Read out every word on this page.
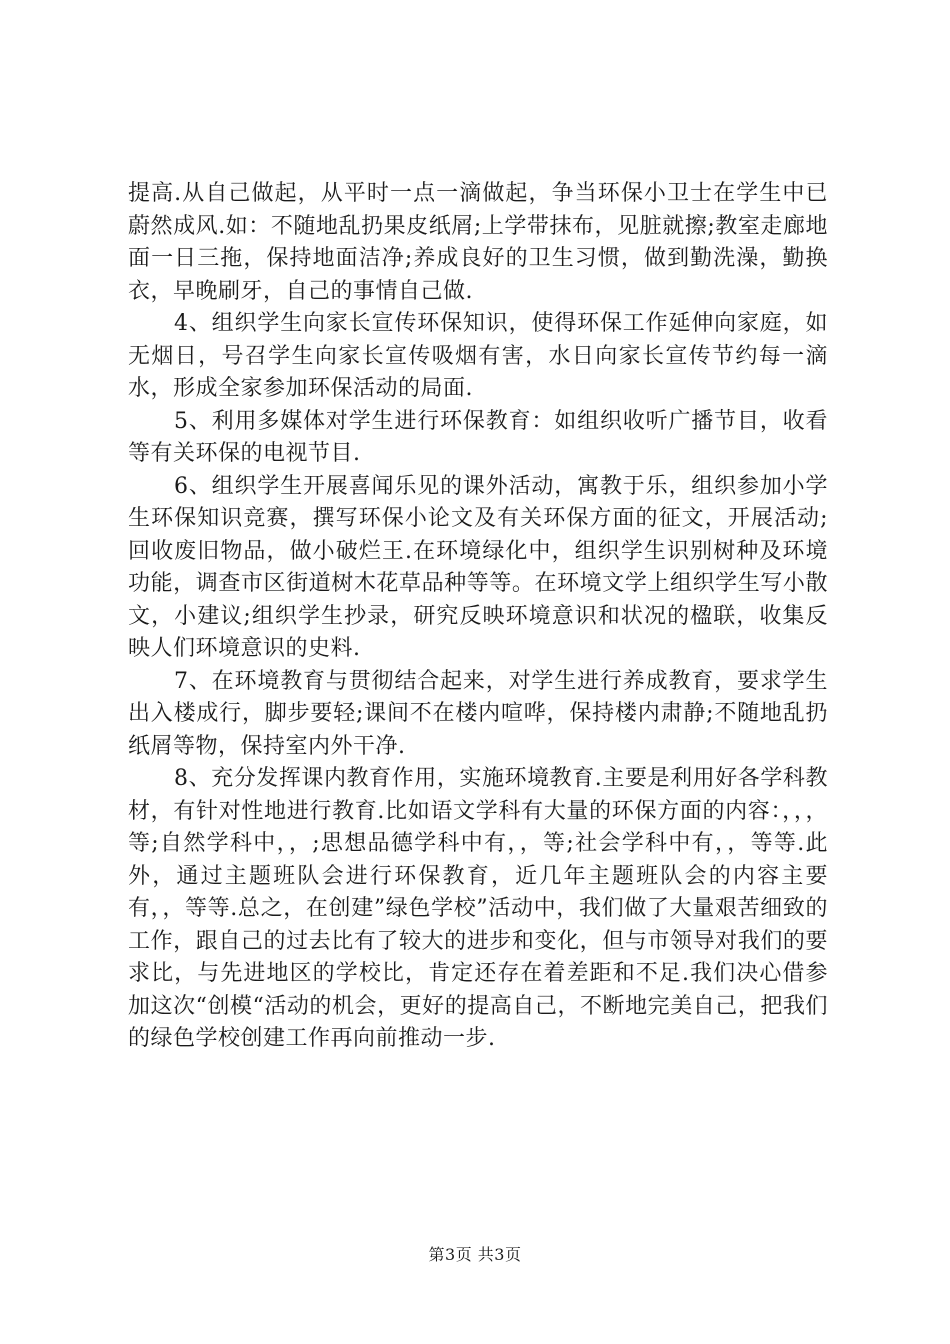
提高.从自己做起，从平时一点一滴做起，争当环保小卫士在学生中已蔚然成风.如：不随地乱扔果皮纸屑;上学带抹布，见脏就擦;教室走廊地面一日三拖，保持地面洁净;养成良好的卫生习惯，做到勤洗澡，勤换衣，早晚刷牙，自己的事情自己做.

4、组织学生向家长宣传环保知识，使得环保工作延伸向家庭，如无烟日，号召学生向家长宣传吸烟有害，水日向家长宣传节约每一滴水，形成全家参加环保活动的局面.

5、利用多媒体对学生进行环保教育：如组织收听广播节目，收看等有关环保的电视节目.

6、组织学生开展喜闻乐见的课外活动，寓教于乐，组织参加小学生环保知识竞赛，撰写环保小论文及有关环保方面的征文，开展活动;回收废旧物品，做小破烂王.在环境绿化中，组织学生识别树种及环境功能，调查市区街道树木花草品种等等。在环境文学上组织学生写小散文，小建议;组织学生抄录，研究反映环境意识和状况的楹联，收集反映人们环境意识的史料.

7、在环境教育与贯彻结合起来，对学生进行养成教育，要求学生出入楼成行，脚步要轻;课间不在楼内喧哗，保持楼内肃静;不随地乱扔纸屑等物，保持室内外干净.

8、充分发挥课内教育作用，实施环境教育.主要是利用好各学科教材，有针对性地进行教育.比如语文学科有大量的环保方面的内容：，，，等;自然学科中，，;思想品德学科中有，，等;社会学科中有，，等等.此外，通过主题班队会进行环保教育，近几年主题班队会的内容主要有，，等等.总之，在创建”绿色学校”活动中，我们做了大量艰苦细致的工作，跟自己的过去比有了较大的进步和变化，但与市领导对我们的要求比，与先进地区的学校比，肯定还存在着差距和不足.我们决心借参加这次“创模“活动的机会，更好的提高自己，不断地完美自己，把我们的绿色学校创建工作再向前推动一步.

第3页 共3页
